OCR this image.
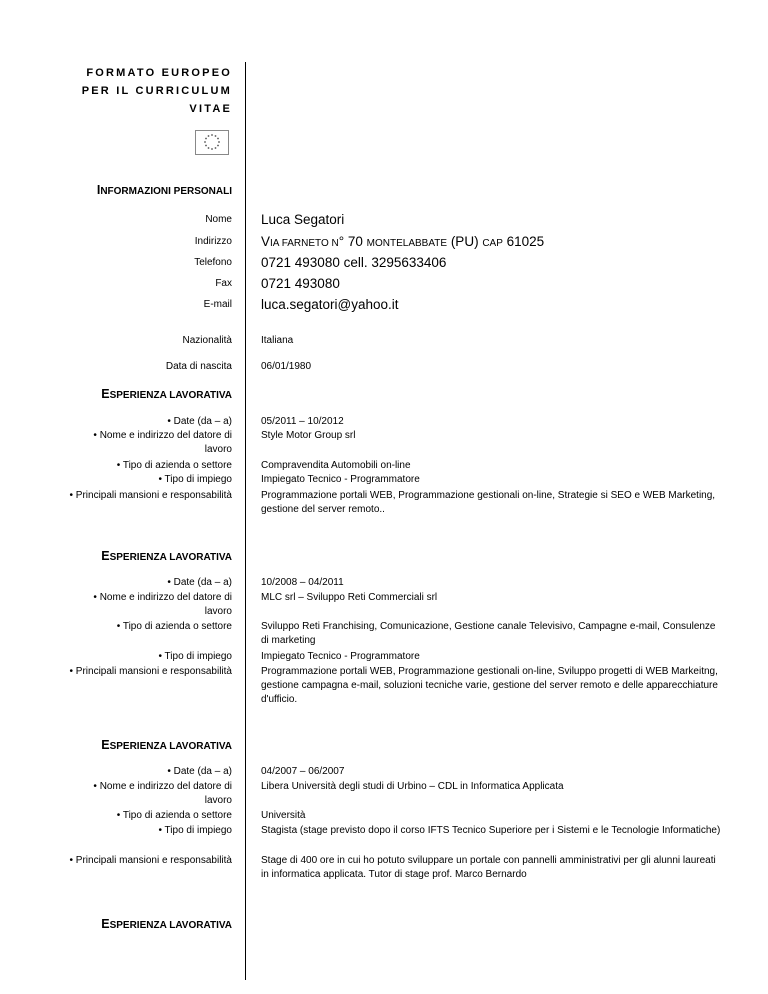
FORMATO EUROPEO
PER IL CURRICULUM
VITAE
INFORMAZIONI PERSONALI
Nome Luca Segatori
Indirizzo VIA FARNETO N° 70 MONTELABBATE (PU) CAP 61025
Telefono 0721 493080 cell. 3295633406
Fax 0721 493080
E-mail luca.segatori@yahoo.it
Nazionalità	Italiana
Data di nascita	06/01/1980
ESPERIENZA LAVORATIVA
• Date (da – a)
• Nome e indirizzo del datore di
lavoro
• Tipo di azienda o settore
• Tipo di impiego
• Principali mansioni e responsabilità
05/2011 – 10/2012
Style Motor Group srl
Compravendita Automobili on-line
Impiegato Tecnico - Programmatore
Programmazione portali WEB, Programmazione gestionali on-line, Strategie si SEO e WEB Marketing, gestione del server remoto..
ESPERIENZA LAVORATIVA
• Date (da – a)
• Nome e indirizzo del datore di
lavoro
• Tipo di azienda o settore
• Tipo di impiego
• Principali mansioni e responsabilità
10/2008 – 04/2011
MLC srl – Sviluppo Reti Commerciali srl
Sviluppo Reti Franchising, Comunicazione, Gestione canale Televisivo, Campagne e-mail, Consulenze di marketing
Impiegato Tecnico - Programmatore
Programmazione portali WEB, Programmazione gestionali on-line, Sviluppo progetti di WEB Markeitng, gestione campagna e-mail, soluzioni tecniche varie, gestione del server remoto e delle apparecchiature d'ufficio.
ESPERIENZA LAVORATIVA
• Date (da – a)
• Nome e indirizzo del datore di
lavoro
• Tipo di azienda o settore
• Tipo di impiego
• Principali mansioni e responsabilità
04/2007 – 06/2007
Libera Università degli studi di Urbino – CDL in Informatica Applicata
Università
Stagista (stage previsto dopo il corso IFTS Tecnico Superiore per i Sistemi e le Tecnologie Informatiche)
Stage di 400 ore in cui ho potuto sviluppare un portale con pannelli amministrativi per gli alunni laureati in informatica applicata. Tutor di stage prof. Marco Bernardo
ESPERIENZA LAVORATIVA
